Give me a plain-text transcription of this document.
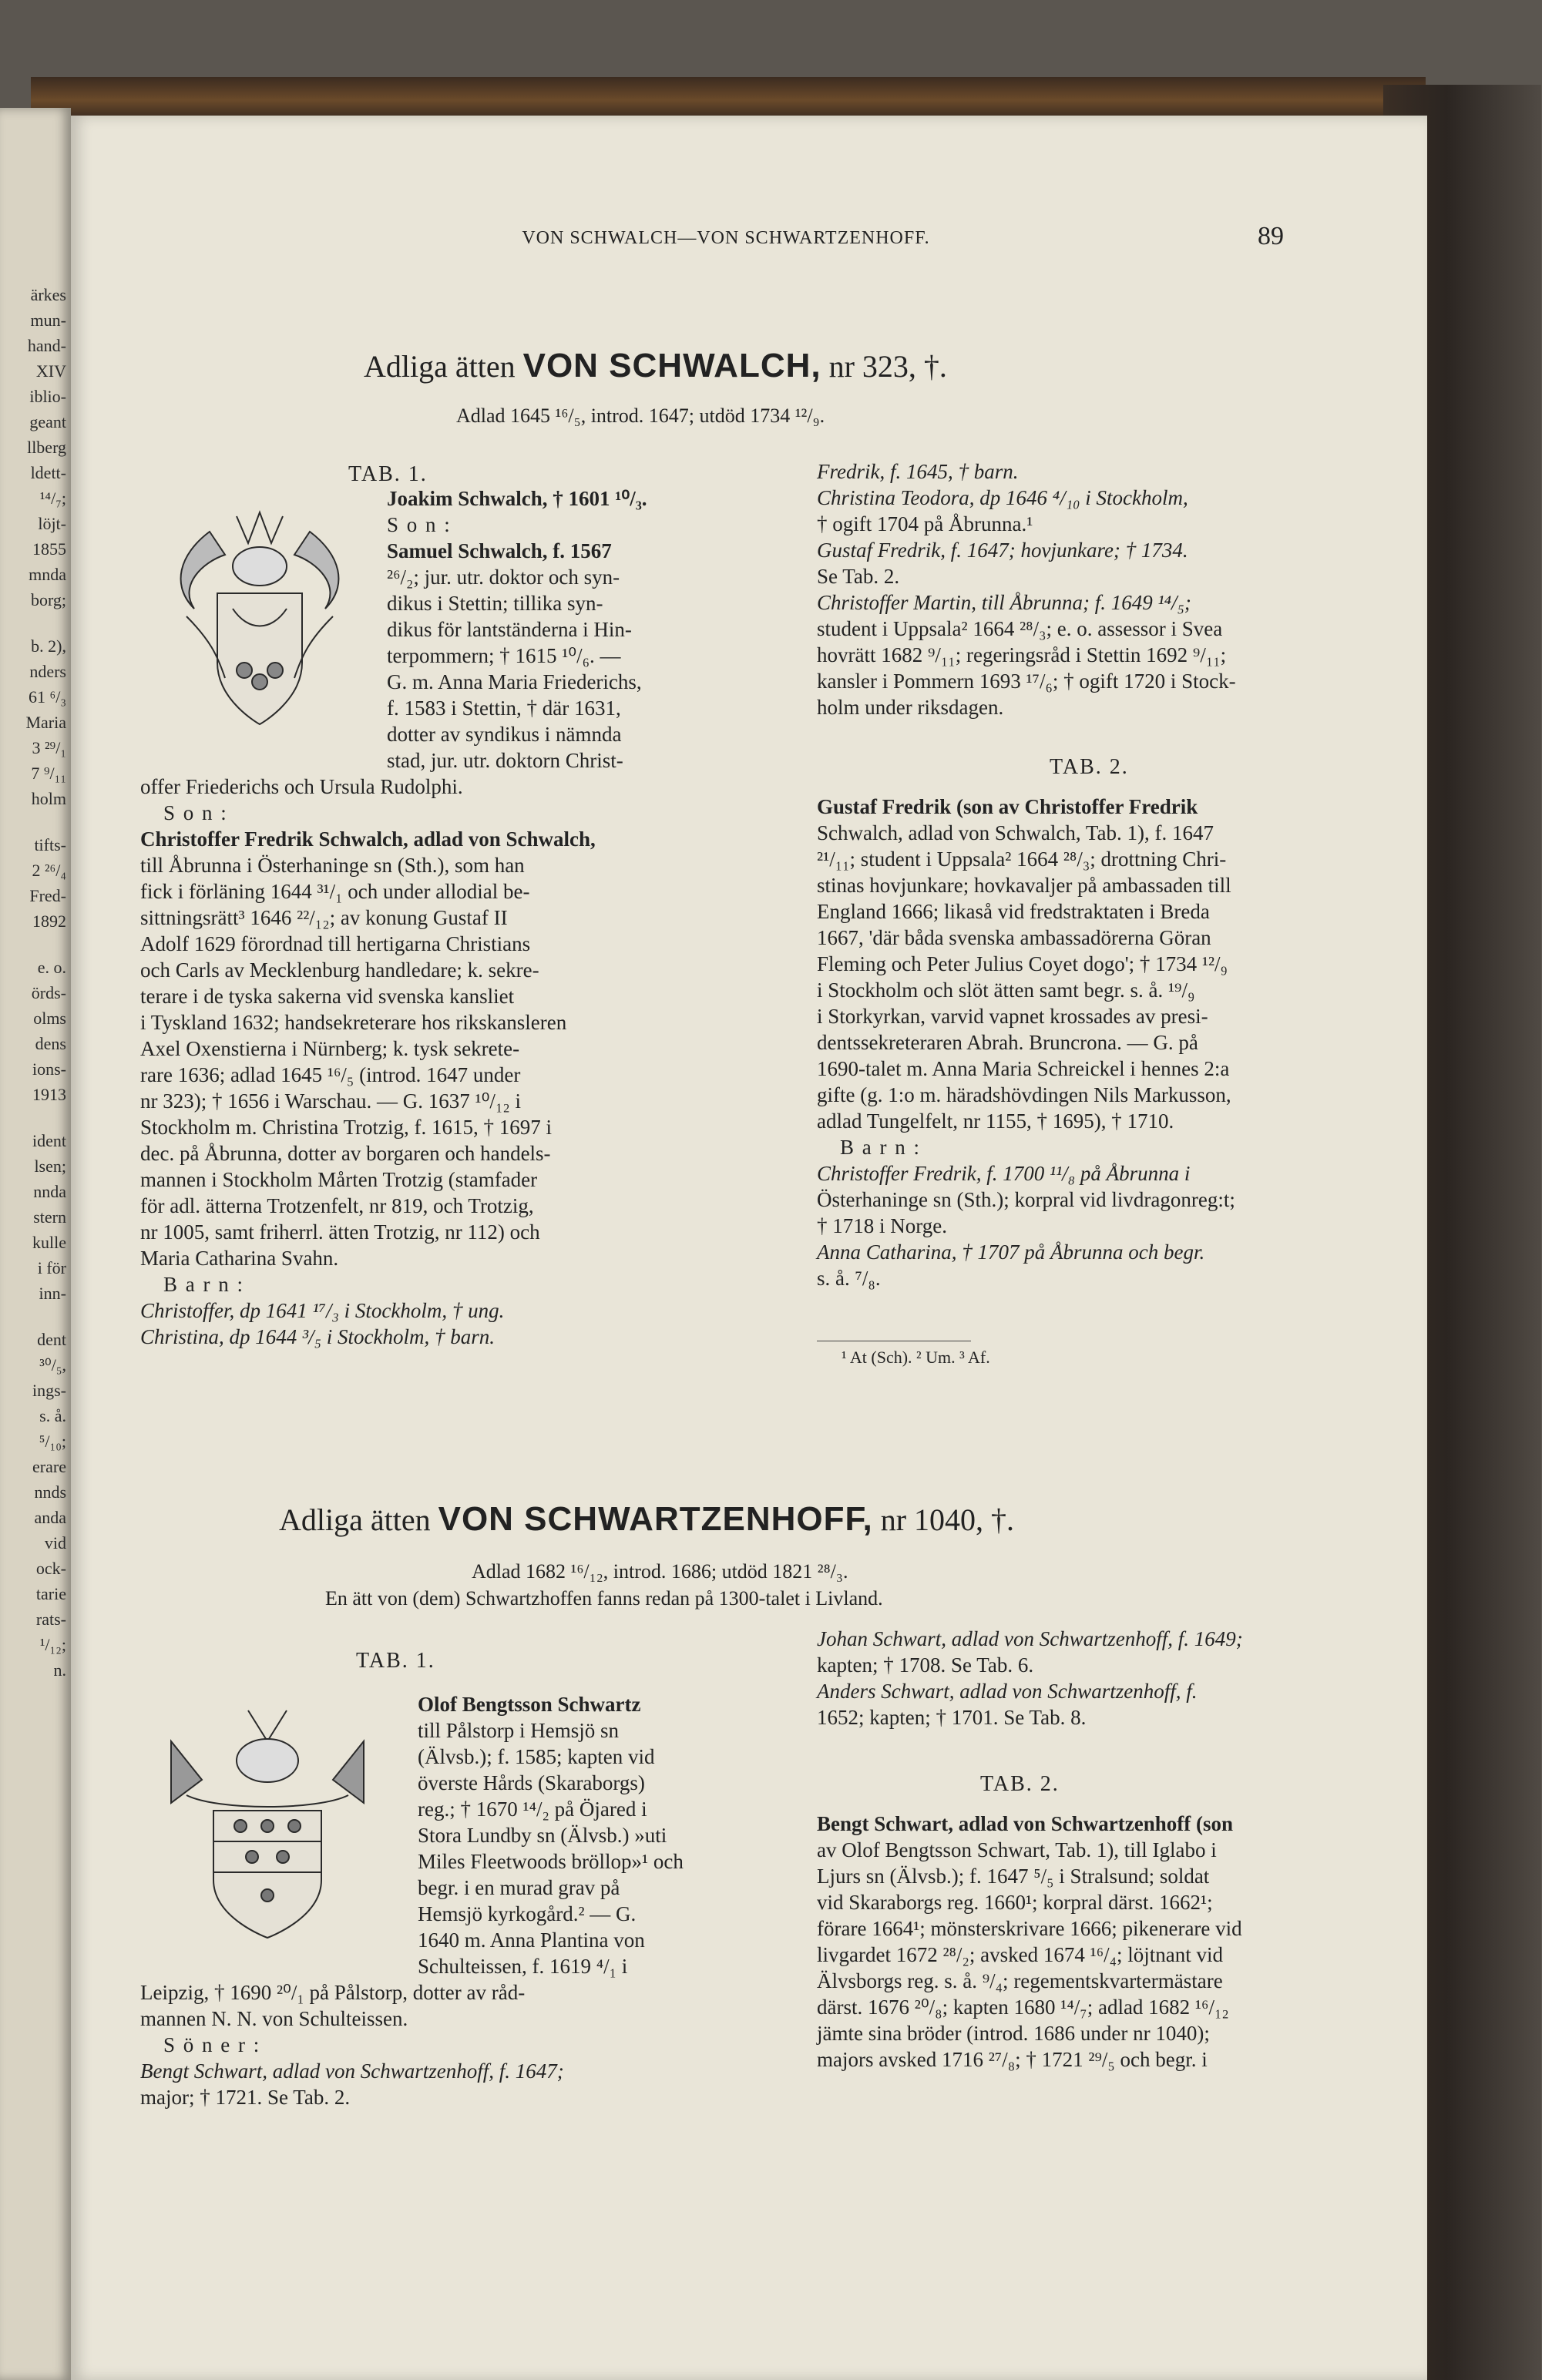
ärkes
mun-
hand-
XIV
iblio-
geant
llberg
ldett-
¹⁴/₇;
löjt-
1855
mnda
borg;
b. 2),
nders
61 ⁶/₃
Maria
3 ²⁹/₁
7 ⁹/₁₁
holm
tifts-
2 ²⁶/₄
Fred-
1892
e. o.
örds-
olms
dens
ions-
1913
ident
lsen;
nnda
stern
kulle
i för
inn-
dent
³⁰/₅,
ings-
s. å.
⁵/₁₀;
erare
nnds
anda
vid
ock-
tarie
rats-
¹/₁₂;
n.
VON SCHWALCH—VON SCHWARTZENHOFF.	89
Adliga ätten VON SCHWALCH, nr 323, †.
Adlad 1645 ¹⁶/₅, introd. 1647; utdöd 1734 ¹²/₉.
TAB. 1.
Joakim Schwalch, † 1601 ¹⁰/₃.
S o n :
Samuel Schwalch, f. 1567
²⁶/₂; jur. utr. doktor och syn-
dikus i Stettin; tillika syn-
dikus för lantständerna i Hin-
terpommern; † 1615 ¹⁰/₆. —
G. m. Anna Maria Friederichs,
f. 1583 i Stettin, † där 1631,
dotter av syndikus i nämnda
stad, jur. utr. doktorn Christ-
offer Friederichs och Ursula Rudolphi.
S o n :
Christoffer Fredrik Schwalch, adlad von Schwalch,
till Åbrunna i Österhaninge sn (Sth.), som han
fick i förläning 1644 ³¹/₁ och under allodial be-
sittningsrätt³ 1646 ²²/₁₂; av konung Gustaf II
Adolf 1629 förordnad till hertigarna Christians
och Carls av Mecklenburg handledare; k. sekre-
terare i de tyska sakerna vid svenska kansliet
i Tyskland 1632; handsekreterare hos rikskansleren
Axel Oxenstierna i Nürnberg; k. tysk sekrete-
rare 1636; adlad 1645 ¹⁶/₅ (introd. 1647 under
nr 323); † 1656 i Warschau. — G. 1637 ¹⁰/₁₂ i
Stockholm m. Christina Trotzig, f. 1615, † 1697 i
dec. på Åbrunna, dotter av borgaren och handels-
mannen i Stockholm Mårten Trotzig (stamfader
för adl. ätterna Trotzenfelt, nr 819, och Trotzig,
nr 1005, samt friherrl. ätten Trotzig, nr 112) och
Maria Catharina Svahn.
B a r n :
Christoffer, dp 1641 ¹⁷/₃ i Stockholm, † ung.
Christina, dp 1644 ³/₅ i Stockholm, † barn.
Fredrik, f. 1645, † barn.
Christina Teodora, dp 1646 ⁴/₁₀ i Stockholm,
† ogift 1704 på Åbrunna.¹
Gustaf Fredrik, f. 1647; hovjunkare; † 1734.
Se Tab. 2.
Christoffer Martin, till Åbrunna; f. 1649 ¹⁴/₅;
student i Uppsala² 1664 ²⁸/₃; e. o. assessor i Svea
hovrätt 1682 ⁹/₁₁; regeringsråd i Stettin 1692 ⁹/₁₁;
kansler i Pommern 1693 ¹⁷/₆; † ogift 1720 i Stock-
holm under riksdagen.
TAB. 2.
Gustaf Fredrik (son av Christoffer Fredrik
Schwalch, adlad von Schwalch, Tab. 1), f. 1647
²¹/₁₁; student i Uppsala² 1664 ²⁸/₃; drottning Chri-
stinas hovjunkare; hovkavaljer på ambassaden till
England 1666; likaså vid fredstraktaten i Breda
1667, 'där båda svenska ambassadörerna Göran
Fleming och Peter Julius Coyet dogo'; † 1734 ¹²/₉
i Stockholm och slöt ätten samt begr. s. å. ¹⁹/₉
i Storkyrkan, varvid vapnet krossades av presi-
dentssekreteraren Abrah. Bruncrona. — G. på
1690-talet m. Anna Maria Schreickel i hennes 2:a
gifte (g. 1:o m. häradshövdingen Nils Markusson,
adlad Tungelfelt, nr 1155, † 1695), † 1710.
B a r n :
Christoffer Fredrik, f. 1700 ¹¹/₈ på Åbrunna i
Österhaninge sn (Sth.); korpral vid livdragonreg:t;
† 1718 i Norge.
Anna Catharina, † 1707 på Åbrunna och begr.
s. å. ⁷/₈.
¹ At (Sch). ² Um. ³ Af.
Adliga ätten VON SCHWARTZENHOFF, nr 1040, †.
Adlad 1682 ¹⁶/₁₂, introd. 1686; utdöd 1821 ²⁸/₃.
En ätt von (dem) Schwartzhoffen fanns redan på 1300-talet i Livland.
TAB. 1.
Olof Bengtsson Schwartz
till Pålstorp i Hemsjö sn
(Älvsb.); f. 1585; kapten vid
överste Hårds (Skaraborgs)
reg.; † 1670 ¹⁴/₂ på Öjared i
Stora Lundby sn (Älvsb.) »uti
Miles Fleetwoods bröllop»¹ och
begr. i en murad grav på
Hemsjö kyrkogård.² — G.
1640 m. Anna Plantina von
Schulteissen, f. 1619 ⁴/₁ i
Leipzig, † 1690 ²⁰/₁ på Pålstorp, dotter av råd-
mannen N. N. von Schulteissen.
S ö n e r :
Bengt Schwart, adlad von Schwartzenhoff, f. 1647;
major; † 1721. Se Tab. 2.
Johan Schwart, adlad von Schwartzenhoff, f. 1649;
kapten; † 1708. Se Tab. 6.
Anders Schwart, adlad von Schwartzenhoff, f.
1652; kapten; † 1701. Se Tab. 8.
TAB. 2.
Bengt Schwart, adlad von Schwartzenhoff (son
av Olof Bengtsson Schwart, Tab. 1), till Iglabo i
Ljurs sn (Älvsb.); f. 1647 ⁵/₅ i Stralsund; soldat
vid Skaraborgs reg. 1660¹; korpral därst. 1662¹;
förare 1664¹; mönsterskrivare 1666; pikenerare vid
livgardet 1672 ²⁸/₂; avsked 1674 ¹⁶/₄; löjtnant vid
Älvsborgs reg. s. å. ⁹/₄; regementskvartermästare
därst. 1676 ²⁰/₈; kapten 1680 ¹⁴/₇; adlad 1682 ¹⁶/₁₂
jämte sina bröder (introd. 1686 under nr 1040);
majors avsked 1716 ²⁷/₈; † 1721 ²⁹/₅ och begr. i
